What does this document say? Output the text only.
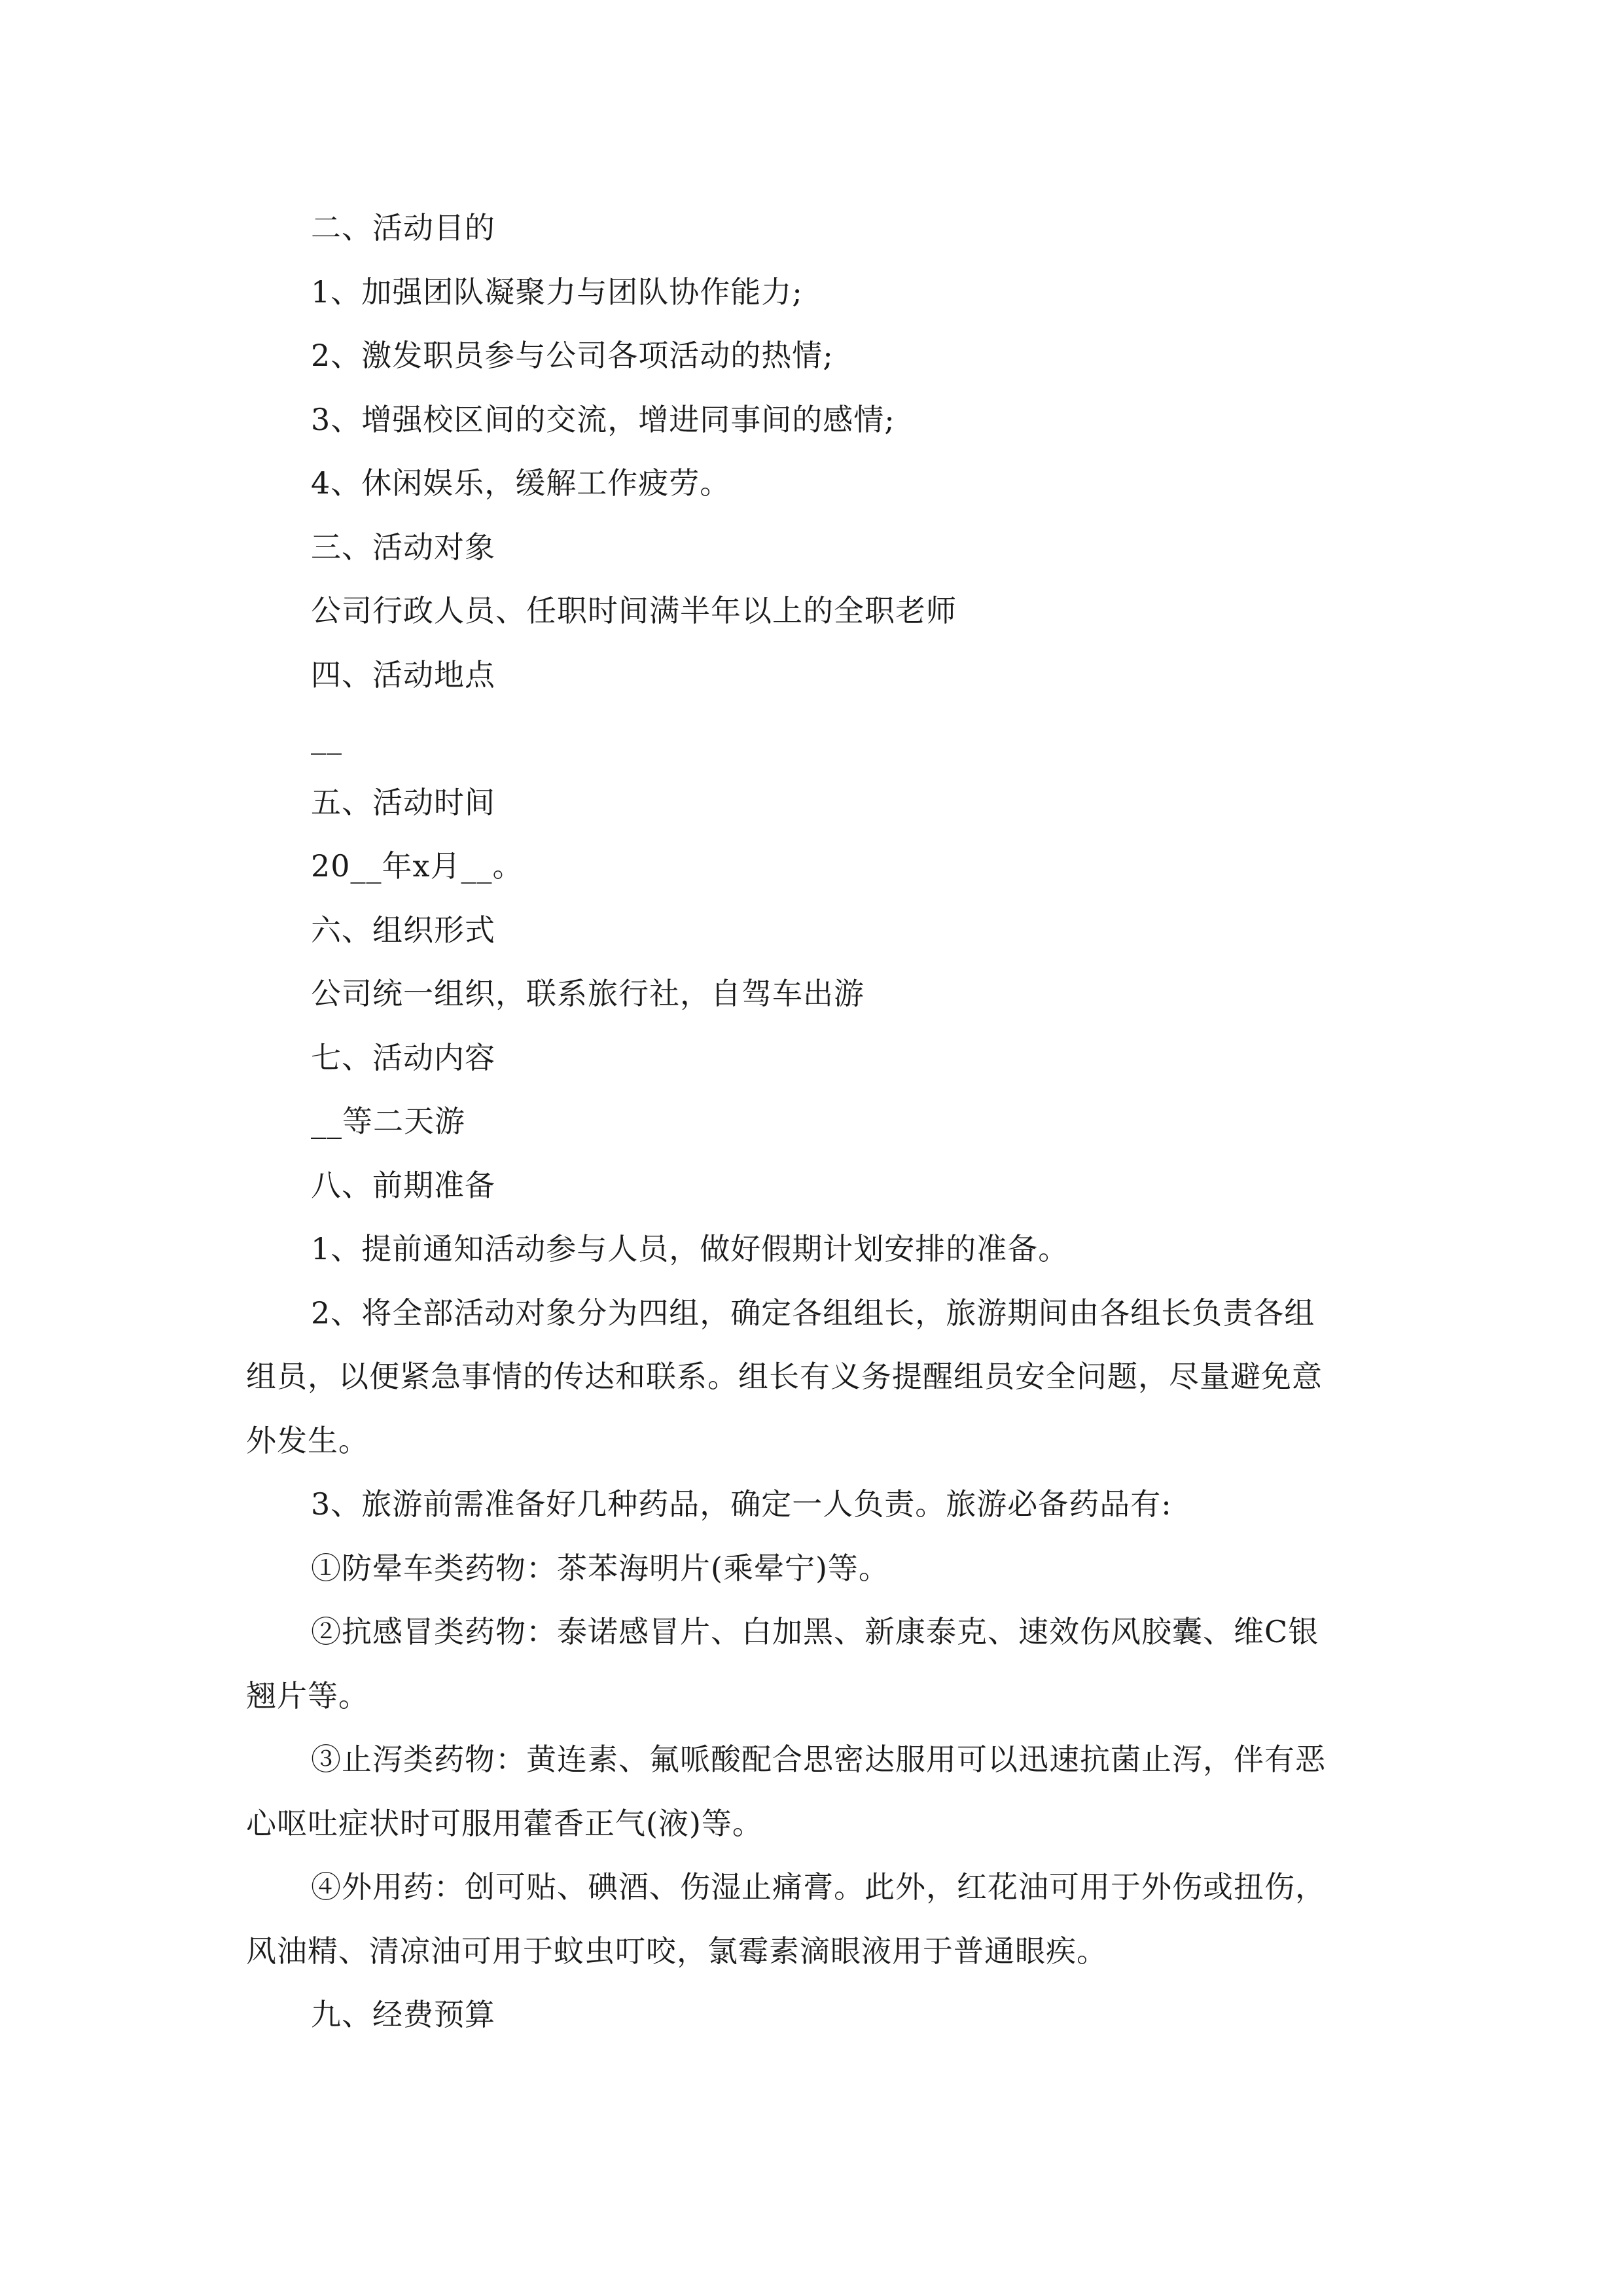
二、活动目的
1、加强团队凝聚力与团队协作能力;
2、激发职员参与公司各项活动的热情;
3、增强校区间的交流，增进同事间的感情;
4、休闲娱乐，缓解工作疲劳。
三、活动对象
公司行政人员、任职时间满半年以上的全职老师
四、活动地点
__
五、活动时间
20__年x月__。
六、组织形式
公司统一组织，联系旅行社，自驾车出游
七、活动内容
__等二天游
八、前期准备
1、提前通知活动参与人员，做好假期计划安排的准备。
2、将全部活动对象分为四组，确定各组组长，旅游期间由各组长负责各组
组员，以便紧急事情的传达和联系。组长有义务提醒组员安全问题，尽量避免意
外发生。
3、旅游前需准备好几种药品，确定一人负责。旅游必备药品有:
①防晕车类药物：茶苯海明片(乘晕宁)等。
②抗感冒类药物：泰诺感冒片、白加黑、新康泰克、速效伤风胶囊、维C银
翘片等。
③止泻类药物：黄连素、氟哌酸配合思密达服用可以迅速抗菌止泻，伴有恶
心呕吐症状时可服用藿香正气(液)等。
④外用药：创可贴、碘酒、伤湿止痛膏。此外，红花油可用于外伤或扭伤，
风油精、清凉油可用于蚊虫叮咬，氯霉素滴眼液用于普通眼疾。
九、经费预算
